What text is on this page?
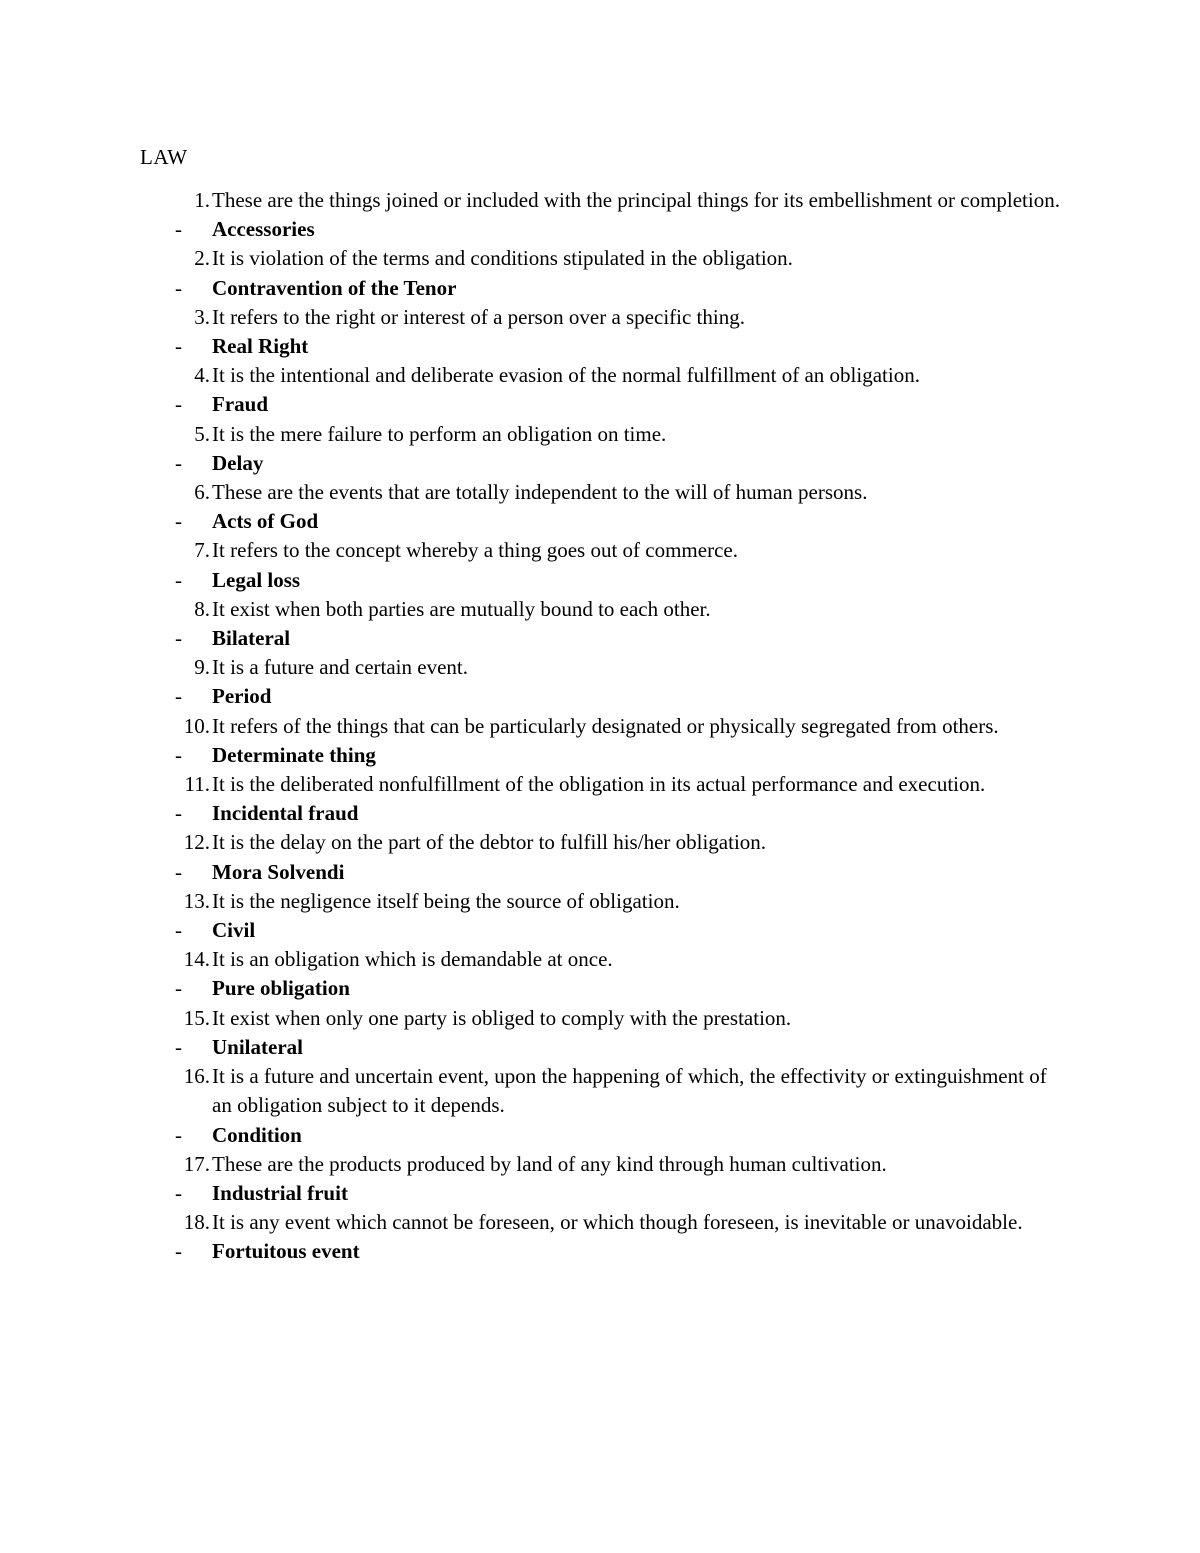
LAW
1. These are the things joined or included with the principal things for its embellishment or completion.
-	Accessories
2. It is violation of the terms and conditions stipulated in the obligation.
-	Contravention of the Tenor
3. It refers to the right or interest of a person over a specific thing.
-	Real Right
4. It is the intentional and deliberate evasion of the normal fulfillment of an obligation.
-	Fraud
5. It is the mere failure to perform an obligation on time.
-	Delay
6. These are the events that are totally independent to the will of human persons.
-	Acts of God
7. It refers to the concept whereby a thing goes out of commerce.
-	Legal loss
8. It exist when both parties are mutually bound to each other.
-	Bilateral
9. It is a future and certain event.
-	Period
10. It refers of the things that can be particularly designated or physically segregated from others.
-	Determinate thing
11. It is the deliberated nonfulfillment of the obligation in its actual performance and execution.
-	Incidental fraud
12. It is the delay on the part of the debtor to fulfill his/her obligation.
-	Mora Solvendi
13. It is the negligence itself being the source of obligation.
-	Civil
14. It is an obligation which is demandable at once.
-	Pure obligation
15. It exist when only one party is obliged to comply with the prestation.
-	Unilateral
16. It is a future and uncertain event, upon the happening of which, the effectivity or extinguishment of an obligation subject to it depends.
-	Condition
17. These are the products produced by land of any kind through human cultivation.
-	Industrial fruit
18. It is any event which cannot be foreseen, or which though foreseen, is inevitable or unavoidable.
-	Fortuitous event
